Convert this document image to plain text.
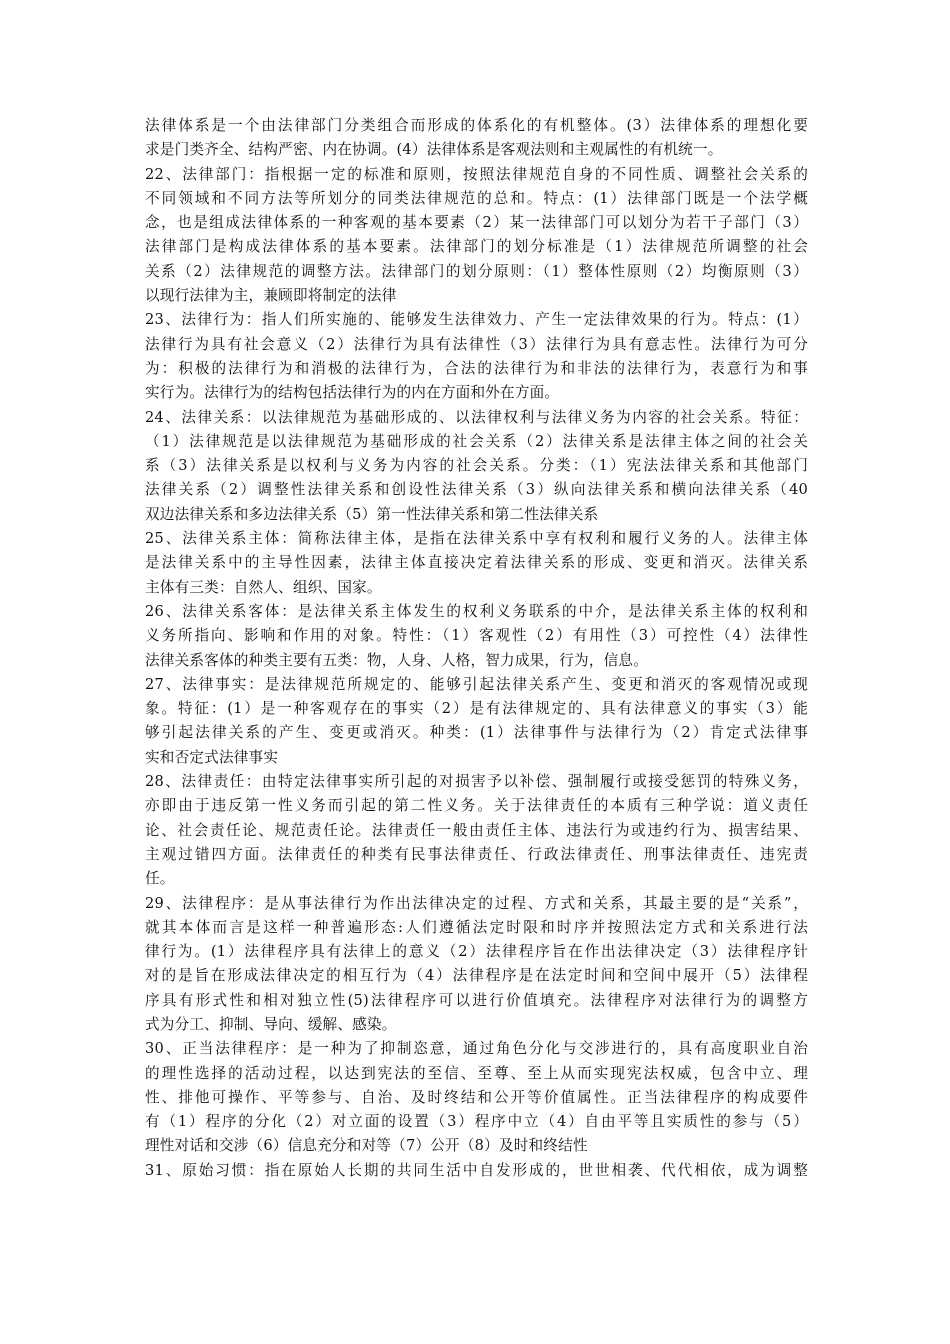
法律体系是一个由法律部门分类组合而形成的体系化的有机整体。(3）法律体系的理想化要
求是门类齐全、结构严密、内在协调。(4）法律体系是客观法则和主观属性的有机统一。
22、法律部门：指根据一定的标准和原则，按照法律规范自身的不同性质、调整社会关系的
不同领域和不同方法等所划分的同类法律规范的总和。特点：(1）法律部门既是一个法学概
念，也是组成法律体系的一种客观的基本要素（2）某一法律部门可以划分为若干子部门（3）
法律部门是构成法律体系的基本要素。法律部门的划分标准是（1）法律规范所调整的社会
关系（2）法律规范的调整方法。法律部门的划分原则：（1）整体性原则（2）均衡原则（3）
以现行法律为主，兼顾即将制定的法律
23、法律行为：指人们所实施的、能够发生法律效力、产生一定法律效果的行为。特点：(1）
法律行为具有社会意义（2）法律行为具有法律性（3）法律行为具有意志性。法律行为可分
为：积极的法律行为和消极的法律行为，合法的法律行为和非法的法律行为，表意行为和事
实行为。法律行为的结构包括法律行为的内在方面和外在方面。
24、法律关系：以法律规范为基础形成的、以法律权利与法律义务为内容的社会关系。特征：
（1）法律规范是以法律规范为基础形成的社会关系（2）法律关系是法律主体之间的社会关
系（3）法律关系是以权利与义务为内容的社会关系。分类：（1）宪法法律关系和其他部门
法律关系（2）调整性法律关系和创设性法律关系（3）纵向法律关系和横向法律关系（40
双边法律关系和多边法律关系（5）第一性法律关系和第二性法律关系
25、法律关系主体：简称法律主体，是指在法律关系中享有权利和履行义务的人。法律主体
是法律关系中的主导性因素，法律主体直接决定着法律关系的形成、变更和消灭。法律关系
主体有三类：自然人、组织、国家。
26、法律关系客体：是法律关系主体发生的权利义务联系的中介，是法律关系主体的权利和
义务所指向、影响和作用的对象。特性：（1）客观性（2）有用性（3）可控性（4）法律性
法律关系客体的种类主要有五类：物，人身、人格，智力成果，行为，信息。
27、法律事实：是法律规范所规定的、能够引起法律关系产生、变更和消灭的客观情况或现
象。特征：(1）是一种客观存在的事实（2）是有法律规定的、具有法律意义的事实（3）能
够引起法律关系的产生、变更或消灭。种类：(1）法律事件与法律行为（2）肯定式法律事
实和否定式法律事实
28、法律责任：由特定法律事实所引起的对损害予以补偿、强制履行或接受惩罚的特殊义务，
亦即由于违反第一性义务而引起的第二性义务。关于法律责任的本质有三种学说：道义责任
论、社会责任论、规范责任论。法律责任一般由责任主体、违法行为或违约行为、损害结果、
主观过错四方面。法律责任的种类有民事法律责任、行政法律责任、刑事法律责任、违宪责
任。
29、法律程序：是从事法律行为作出法律决定的过程、方式和关系，其最主要的是“关系”，
就其本体而言是这样一种普遍形态:人们遵循法定时限和时序并按照法定方式和关系进行法
律行为。(1）法律程序具有法律上的意义（2）法律程序旨在作出法律决定（3）法律程序针
对的是旨在形成法律决定的相互行为（4）法律程序是在法定时间和空间中展开（5）法律程
序具有形式性和相对独立性(5)法律程序可以进行价值填充。法律程序对法律行为的调整方
式为分工、抑制、导向、缓解、感染。
30、正当法律程序：是一种为了抑制恣意，通过角色分化与交涉进行的，具有高度职业自治
的理性选择的活动过程，以达到宪法的至信、至尊、至上从而实现宪法权威，包含中立、理
性、排他可操作、平等参与、自治、及时终结和公开等价值属性。正当法律程序的构成要件
有（1）程序的分化（2）对立面的设置（3）程序中立（4）自由平等且实质性的参与（5）
理性对话和交涉（6）信息充分和对等（7）公开（8）及时和终结性
31、原始习惯：指在原始人长期的共同生活中自发形成的，世世相袭、代代相依，成为调整
